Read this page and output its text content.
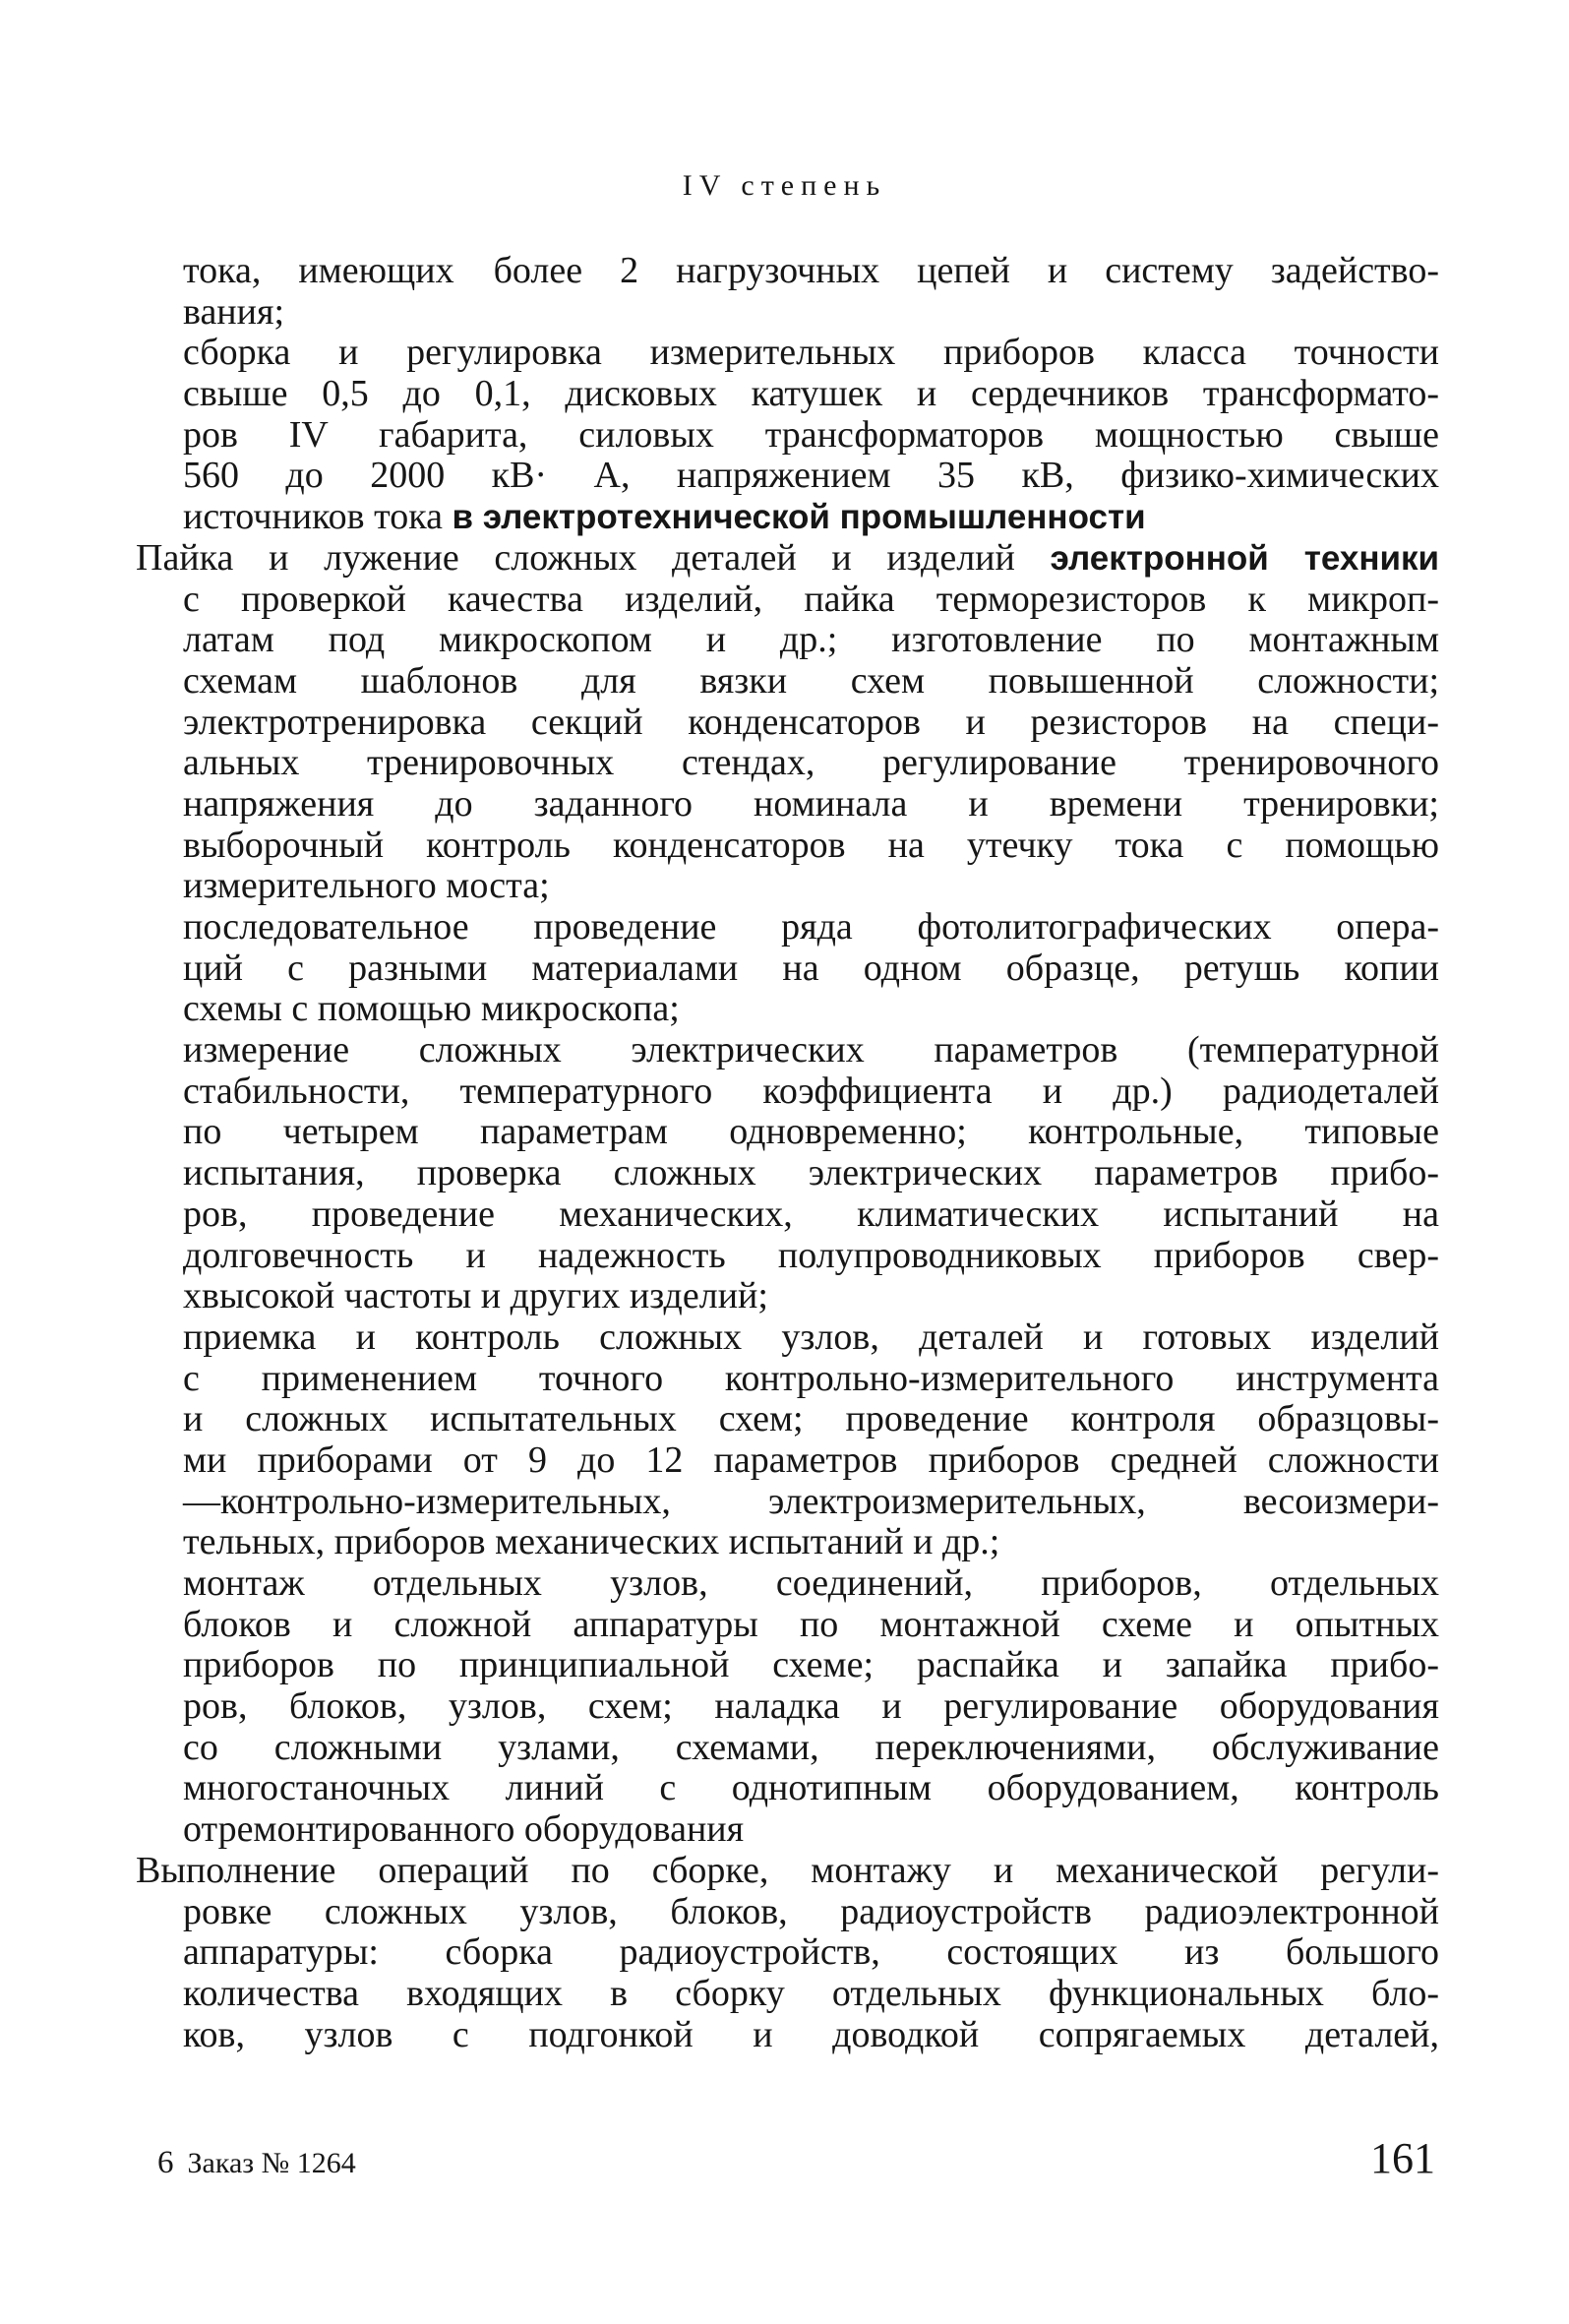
IV степень
тока, имеющих более 2 нагрузочных цепей и систему задейство-
вания;
сборка и регулировка измерительных приборов класса точности
свыше 0,5 до 0,1, дисковых катушек и сердечников трансформато-
ров IV габарита, силовых трансформаторов мощностью свыше
560 до 2000 кВ· А, напряжением 35 кВ, физико-химических
источников тока в электротехнической промышленности
Пайка и лужение сложных деталей и изделий электронной техники
с проверкой качества изделий, пайка терморезисторов к микроп-
латам под микроскопом и др.; изготовление по монтажным
схемам шаблонов для вязки схем повышенной сложности;
электротренировка секций конденсаторов и резисторов на специ-
альных тренировочных стендах, регулирование тренировочного
напряжения до заданного номинала и времени тренировки;
выборочный контроль конденсаторов на утечку тока с помощью
измерительного моста;
последовательное проведение ряда фотолитографических опера-
ций с разными материалами на одном образце, ретушь копии
схемы с помощью микроскопа;
измерение сложных электрических параметров (температурной
стабильности, температурного коэффициента и др.) радиодеталей
по четырем параметрам одновременно; контрольные, типовые
испытания, проверка сложных электрических параметров прибо-
ров, проведение механических, климатических испытаний на
долговечность и надежность полупроводниковых приборов свер-
хвысокой частоты и других изделий;
приемка и контроль сложных узлов, деталей и готовых изделий
с применением точного контрольно-измерительного инструмента
и сложных испытательных схем; проведение контроля образцовы-
ми приборами от 9 до 12 параметров приборов средней сложности
—контрольно-измерительных, электроизмерительных, весоизмери-
тельных, приборов механических испытаний и др.;
монтаж отдельных узлов, соединений, приборов, отдельных
блоков и сложной аппаратуры по монтажной схеме и опытных
приборов по принципиальной схеме; распайка и запайка прибо-
ров, блоков, узлов, схем; наладка и регулирование оборудования
со сложными узлами, схемами, переключениями, обслуживание
многостаночных линий с однотипным оборудованием, контроль
отремонтированного оборудования
Выполнение операций по сборке, монтажу и механической регули-
ровке сложных узлов, блоков, радиоустройств радиоэлектронной
аппаратуры: сборка радиоустройств, состоящих из большого
количества входящих в сборку отдельных функциональных бло-
ков, узлов с подгонкой и доводкой сопрягаемых деталей,
6 Заказ № 1264	161
